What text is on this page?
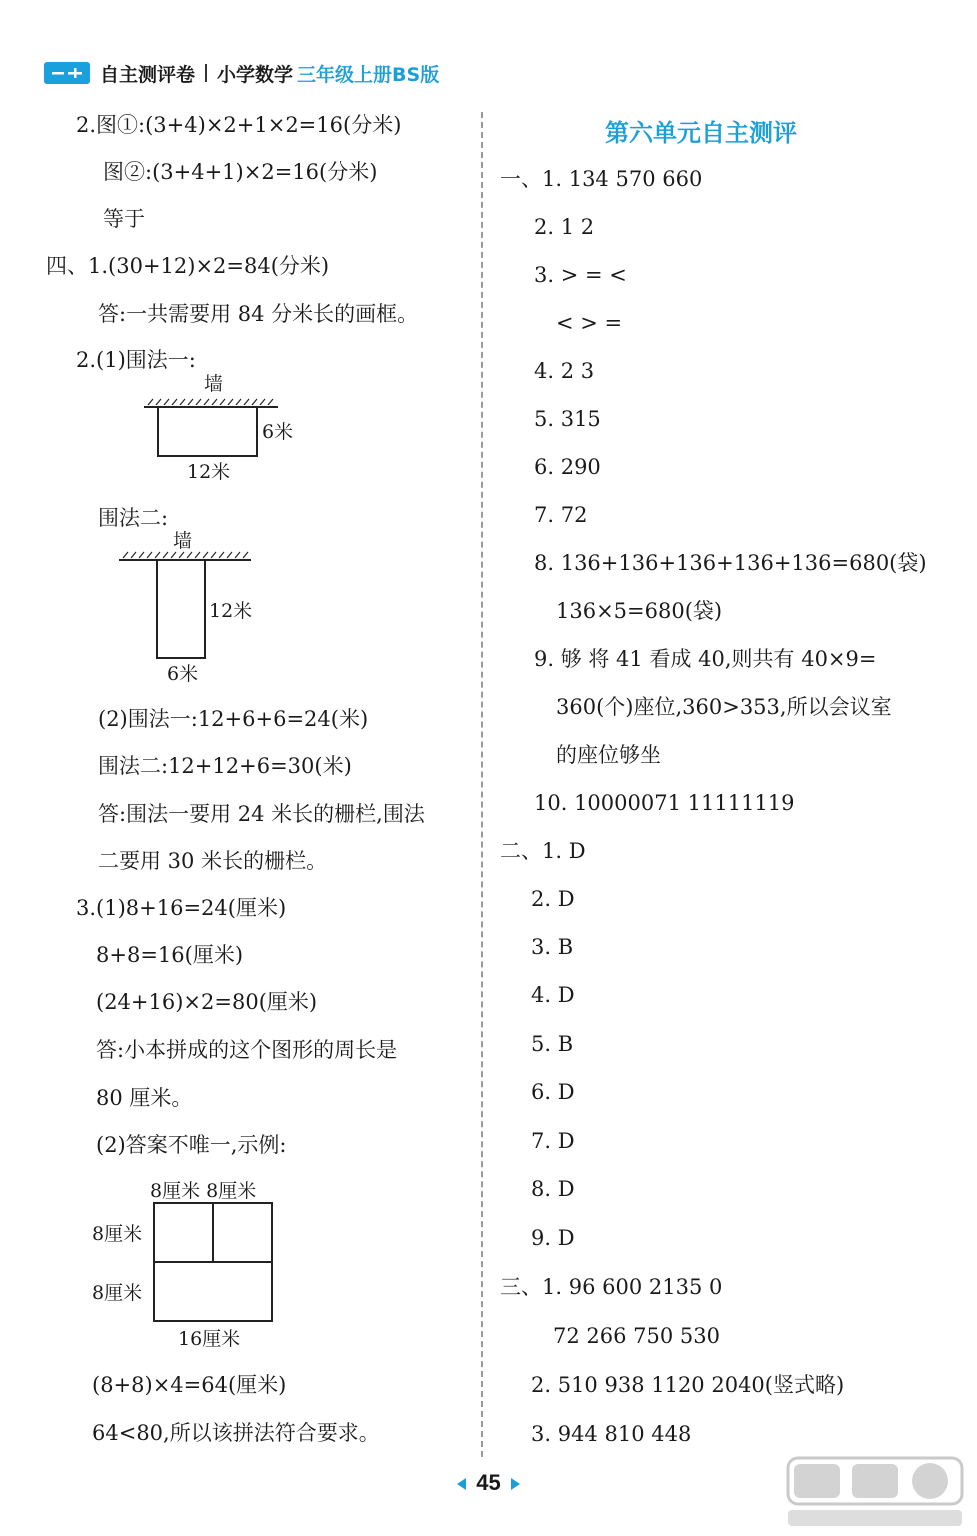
自主测评卷 小学数学 三年级上册BS版
2.图①:(3+4)×2+1×2=16(分米)
图②:(3+4+1)×2=16(分米)
等于
四、1.(30+12)×2=84(分米)
答:一共需要用 84 分米长的画框。
2.(1)围法一:
墙
6米
12米
围法二:
墙
12米
6米
(2)围法一:12+6+6=24(米)
围法二:12+12+6=30(米)
答:围法一要用 24 米长的栅栏,围法
二要用 30 米长的栅栏。
3.(1)8+16=24(厘米)
8+8=16(厘米)
(24+16)×2=80(厘米)
答:小本拼成的这个图形的周长是
80 厘米。
(2)答案不唯一,示例:
8厘米 8厘米
8厘米
8厘米
16厘米
(8+8)×4=64(厘米)
64<80,所以该拼法符合要求。
第六单元自主测评
一、1. 134 570 660
2. 1 2
3. > = <
< > =
4. 2 3
5. 315
6. 290
7. 72
8. 136+136+136+136+136=680(袋)
136×5=680(袋)
9. 够 将 41 看成 40,则共有 40×9=
360(个)座位,360>353,所以会议室
的座位够坐
10. 10000071 11111119
二、1. D
2. D
3. B
4. D
5. B
6. D
7. D
8. D
9. D
三、1. 96 600 2135 0
72 266 750 530
2. 510 938 1120 2040(竖式略)
3. 944 810 448
45
